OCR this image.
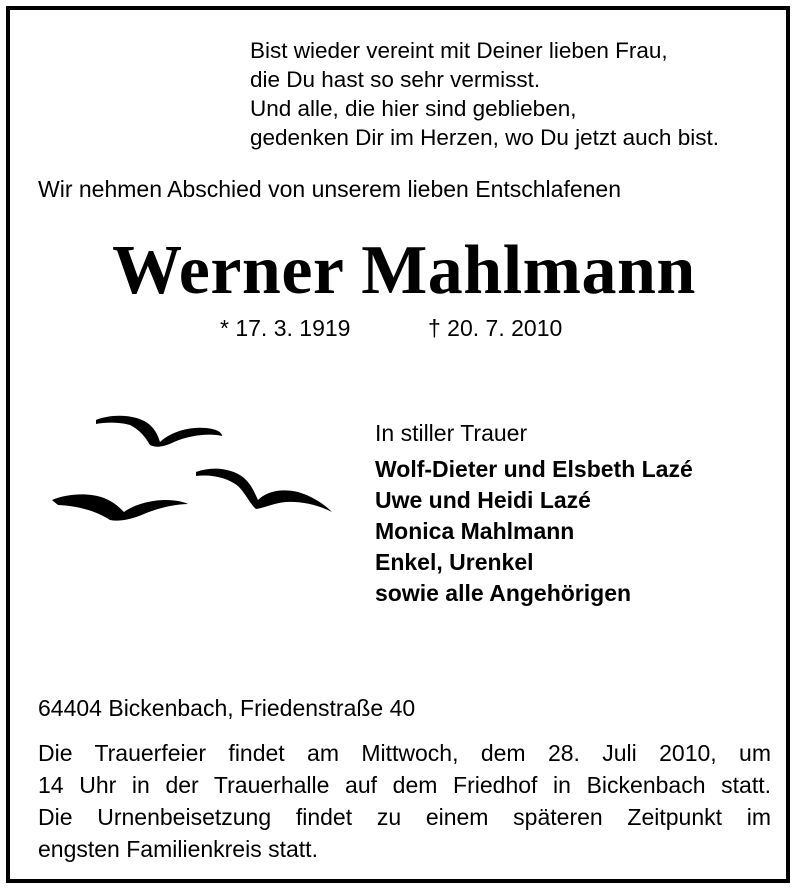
Bist wieder vereint mit Deiner lieben Frau,
die Du hast so sehr vermisst.
Und alle, die hier sind geblieben,
gedenken Dir im Herzen, wo Du jetzt auch bist.
Wir nehmen Abschied von unserem lieben Entschlafenen
Werner Mahlmann
* 17. 3. 1919	† 20. 7. 2010
In stiller Trauer
Wolf-Dieter und Elsbeth Lazé
Uwe und Heidi Lazé
Monica Mahlmann
Enkel, Urenkel
sowie alle Angehörigen
64404 Bickenbach, Friedenstraße 40
Die Trauerfeier findet am Mittwoch, dem 28. Juli 2010, um
14 Uhr in der Trauerhalle auf dem Friedhof in Bickenbach statt.
Die Urnenbeisetzung findet zu einem späteren Zeitpunkt im
engsten Familienkreis statt.
